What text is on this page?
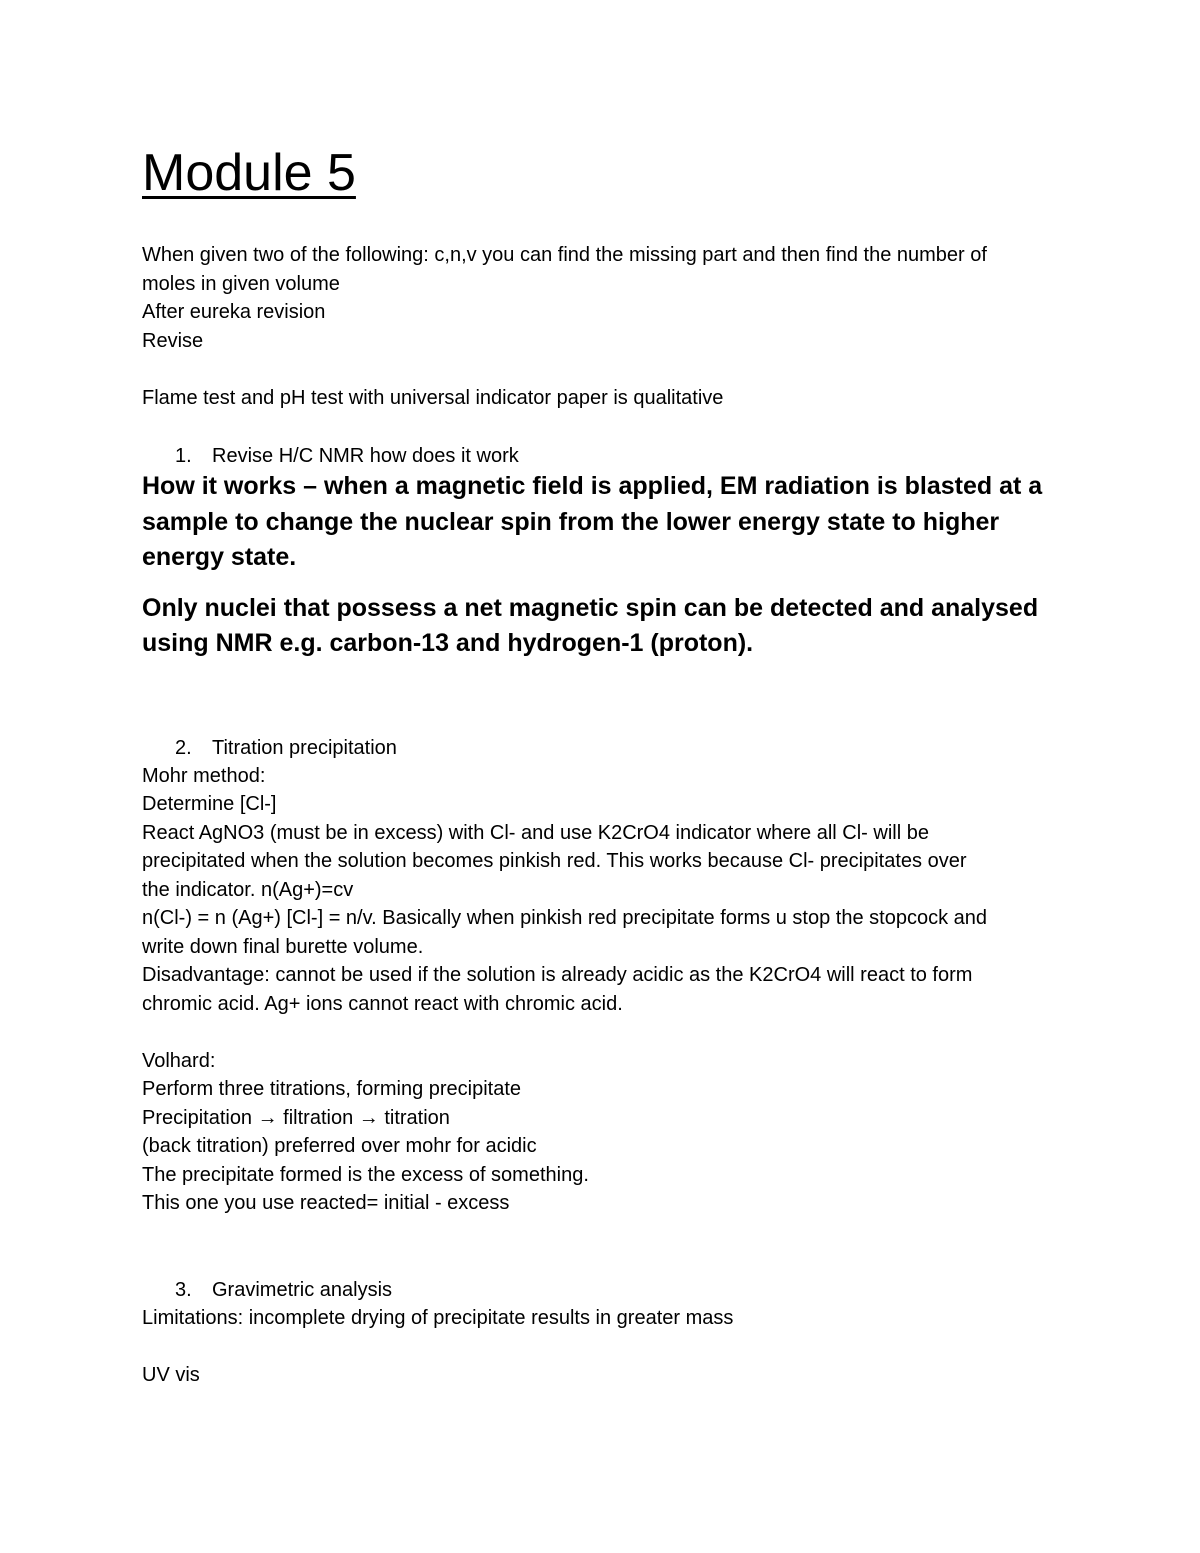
Module 5
When given two of the following: c,n,v you can find the missing part and then find the number of
moles in given volume
After eureka revision
Revise
Flame test and pH test with universal indicator paper is qualitative
1. Revise H/C NMR how does it work
How it works – when a magnetic field is applied, EM radiation is blasted at a
sample to change the nuclear spin from the lower energy state to higher
energy state.
Only nuclei that possess a net magnetic spin can be detected and analysed
using NMR e.g. carbon-13 and hydrogen-1 (proton).
2. Titration precipitation
Mohr method:
Determine [Cl-]
React AgNO3 (must be in excess) with Cl- and use K2CrO4 indicator where all Cl- will be
precipitated when the solution becomes pinkish red. This works because Cl- precipitates over
the indicator. n(Ag+)=cv
n(Cl-) = n (Ag+) [Cl-] = n/v. Basically when pinkish red precipitate forms u stop the stopcock and
write down final burette volume.
Disadvantage: cannot be used if the solution is already acidic as the K2CrO4 will react to form
chromic acid. Ag+ ions cannot react with chromic acid.
Volhard:
Perform three titrations, forming precipitate
Precipitation → filtration → titration
(back titration) preferred over mohr for acidic
The precipitate formed is the excess of something.
This one you use reacted= initial - excess
3. Gravimetric analysis
Limitations: incomplete drying of precipitate results in greater mass
UV vis
